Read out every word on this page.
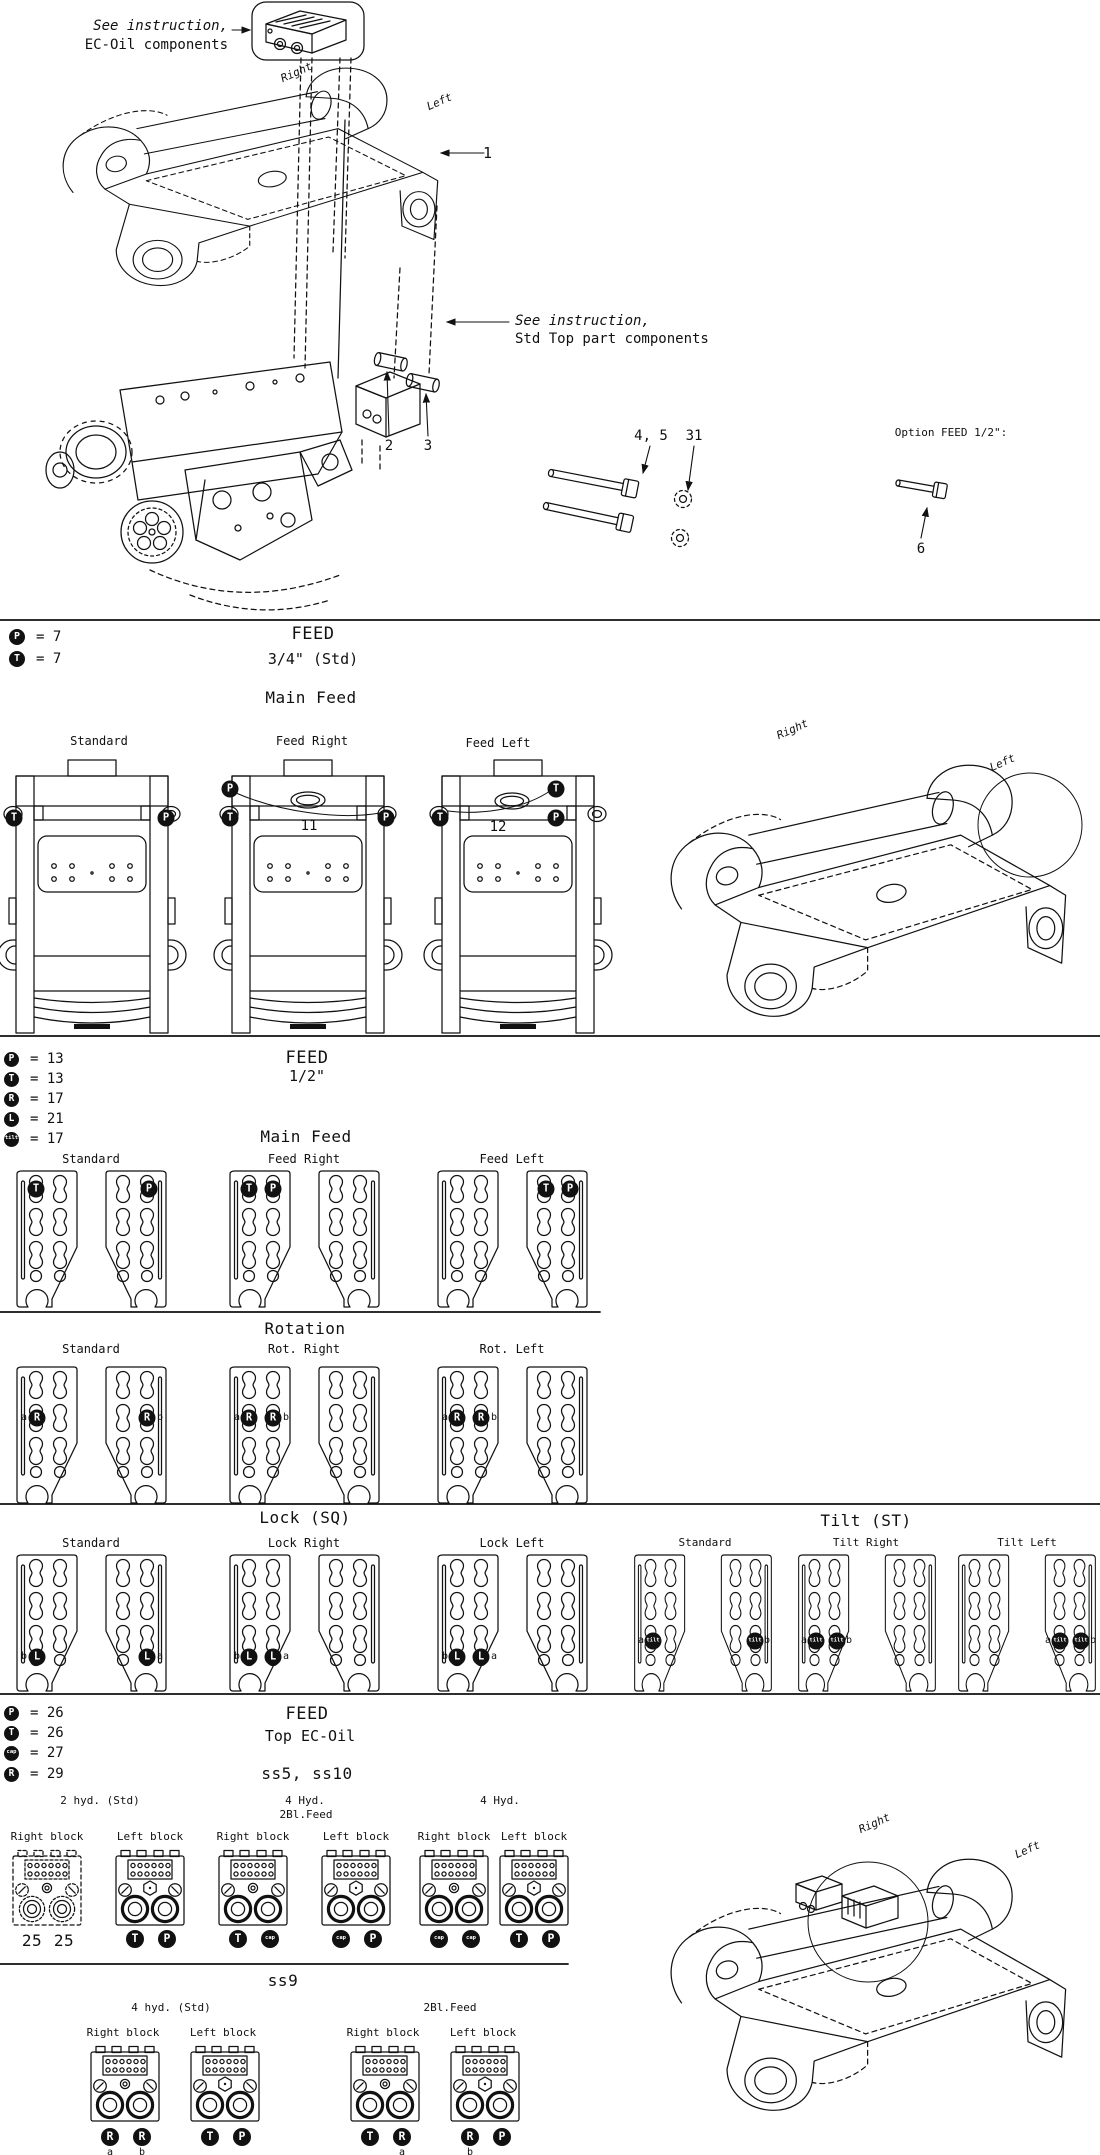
See instruction,
EC-Oil components
See instruction,
Std Top part components
Right
Left
1
2 3
4, 5 31	Option FEED 1/2":
6
P	= 7
T	= 7
FEED
3/4" (Std)
Main Feed
Standard	Feed Right	Feed Left
11	12
T	P
P
T	P
T
T	P
Right
Left
P	= 13
T	= 13
R	= 17
L	= 21
tilt = 17
FEED
1/2"
Main Feed
Standard	Feed Right	Feed Left
T	P	T	P	T	P
Rotation
Standard	Rot. Right	Rot. Left
a R	R b	a R	R b	a R	R b
Lock (SQ)
Standard	Lock Right	Lock Left
b L	L a	b L	L a	b L	L a
Tilt (ST)
Standard	Tilt Right	Tilt Left
a tilt	tilt b	a tilt	tilt b	a tilt	tilt b
P	= 26
T	= 26
cap = 27
R	= 29
FEED
Top EC-Oil
ss5, ss10
2 hyd. (Std)	4 Hyd.
2Bl.Feed
4 Hyd.
Right block	Left block	Right block	Left block	Right block Left block
25 25	T	P	T	cap	cap	P	cap	cap	T	P
Right
Left
ss9
4 hyd. (Std)	2Bl.Feed
Right block	Left block	Right block	Left block
R	R	T	P	T	R	R	P
a	b	a	b
